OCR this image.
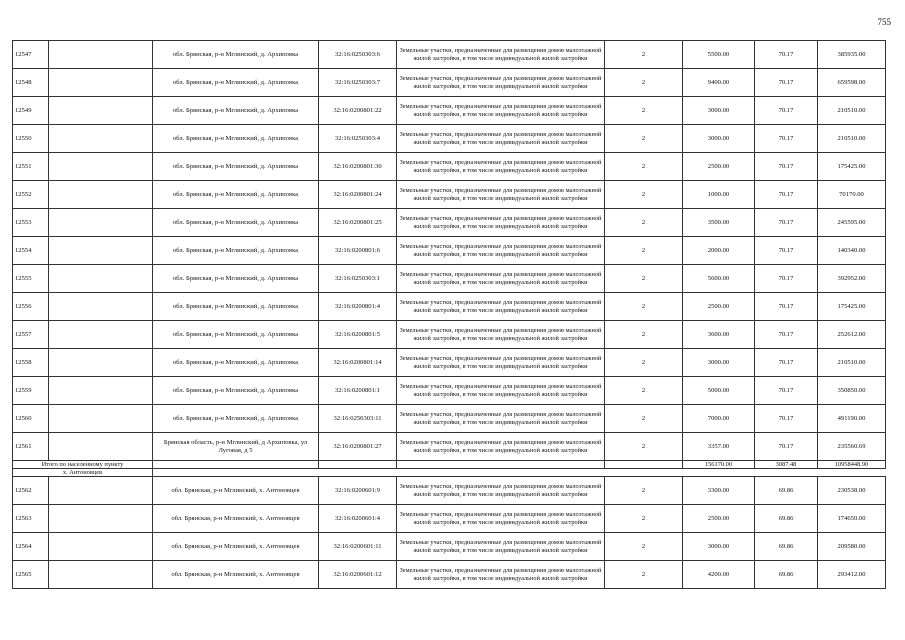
755
12547		обл. Брянская, р-н Мглинский, д. Архиповка	32:16:0250303:6	Земельные участки, предназначенные для размещения домов малоэтажной жилой застройки, в том числе индивидуальной жилой застройки	2	5500.00	70.17	385935.00
12548		обл. Брянская, р-н Мглинский, д. Архиповка	32:16:0250303:7	Земельные участки, предназначенные для размещения домов малоэтажной жилой застройки, в том числе индивидуальной жилой застройки	2	9400.00	70.17	659598.00
12549		обл. Брянская, р-н Мглинский, д. Архиповка	32:16:0200801:22	Земельные участки, предназначенные для размещения домов малоэтажной жилой застройки, в том числе индивидуальной жилой застройки	2	3000.00	70.17	210510.00
12550		обл. Брянская, р-н Мглинский, д. Архиповка	32:16:0250303:4	Земельные участки, предназначенные для размещения домов малоэтажной жилой застройки, в том числе индивидуальной жилой застройки	2	3000.00	70.17	210510.00
12551		обл. Брянская, р-н Мглинский, д. Архиповка	32:16:0200801:30	Земельные участки, предназначенные для размещения домов малоэтажной жилой застройки, в том числе индивидуальной жилой застройки	2	2500.00	70.17	175425.00
12552		обл. Брянская, р-н Мглинский, д. Архиповка	32:16:0200801:24	Земельные участки, предназначенные для размещения домов малоэтажной жилой застройки, в том числе индивидуальной жилой застройки	2	1000.00	70.17	70170.00
12553		обл. Брянская, р-н Мглинский, д. Архиповка	32:16:0200801:25	Земельные участки, предназначенные для размещения домов малоэтажной жилой застройки, в том числе индивидуальной жилой застройки	2	3500.00	70.17	245595.00
12554		обл. Брянская, р-н Мглинский, д. Архиповка	32:16:0200801:6	Земельные участки, предназначенные для размещения домов малоэтажной жилой застройки, в том числе индивидуальной жилой застройки	2	2000.00	70.17	140340.00
12555		обл. Брянская, р-н Мглинский, д. Архиповка	32:16:0250303:1	Земельные участки, предназначенные для размещения домов малоэтажной жилой застройки, в том числе индивидуальной жилой застройки	2	5600.00	70.17	392952.00
12556		обл. Брянская, р-н Мглинский, д. Архиповка	32:16:0200801:4	Земельные участки, предназначенные для размещения домов малоэтажной жилой застройки, в том числе индивидуальной жилой застройки	2	2500.00	70.17	175425.00
12557		обл. Брянская, р-н Мглинский, д. Архиповка	32:16:0200801:5	Земельные участки, предназначенные для размещения домов малоэтажной жилой застройки, в том числе индивидуальной жилой застройки	2	3600.00	70.17	252612.00
12558		обл. Брянская, р-н Мглинский, д. Архиповка	32:16:0200801:14	Земельные участки, предназначенные для размещения домов малоэтажной жилой застройки, в том числе индивидуальной жилой застройки	2	3000.00	70.17	210510.00
12559		обл. Брянская, р-н Мглинский, д. Архиповка	32:16:0200801:1	Земельные участки, предназначенные для размещения домов малоэтажной жилой застройки, в том числе индивидуальной жилой застройки	2	5000.00	70.17	350850.00
12560		обл. Брянская, р-н Мглинский, д. Архиповка	32:16:0250303:11	Земельные участки, предназначенные для размещения домов малоэтажной жилой застройки, в том числе индивидуальной жилой застройки	2	7000.00	70.17	491190.00
12561		Брянская область, р-н Мглинский, д Архиповка, ул Луговая, д 5	32:16:0200801:27	Земельные участки, предназначенные для размещения домов малоэтажной жилой застройки, в том числе индивидуальной жилой застройки	2	3357.00	70.17	235560.69
Итого по населенному пункту						156170.00	3087.48	10958448.90
х. Антоновцев								
12562		обл. Брянская, р-н Мглинский, х. Антоновцев	32:16:0200601:9	Земельные участки, предназначенные для размещения домов малоэтажной жилой застройки, в том числе индивидуальной жилой застройки	2	3300.00	69.86	230538.00
12563		обл. Брянская, р-н Мглинский, х. Антоновцев	32:16:0200601:4	Земельные участки, предназначенные для размещения домов малоэтажной жилой застройки, в том числе индивидуальной жилой застройки	2	2500.00	69.86	174650.00
12564		обл. Брянская, р-н Мглинский, х. Антоновцев	32:16:0200601:11	Земельные участки, предназначенные для размещения домов малоэтажной жилой застройки, в том числе индивидуальной жилой застройки	2	3000.00	69.86	209580.00
12565		обл. Брянская, р-н Мглинский, х. Антоновцев	32:16:0200601:12	Земельные участки, предназначенные для размещения домов малоэтажной жилой застройки, в том числе индивидуальной жилой застройки	2	4200.00	69.86	293412.00
